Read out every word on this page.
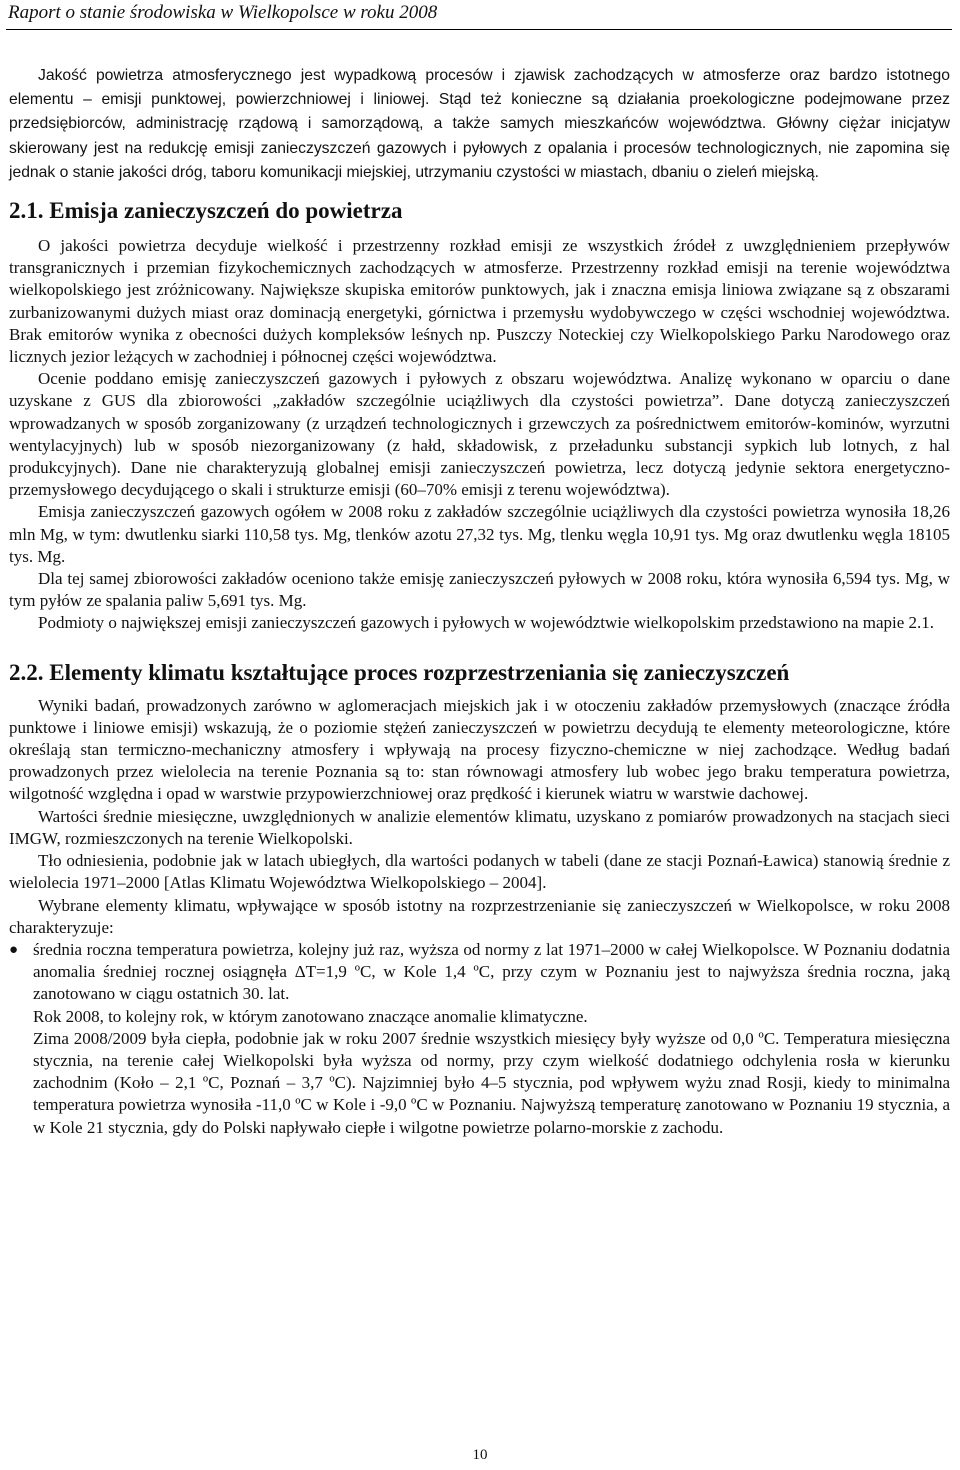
Raport o stanie środowiska w Wielkopolsce w roku 2008

Jakość powietrza atmosferycznego jest wypadkową procesów i zjawisk zachodzących w atmosferze oraz bardzo istotnego elementu – emisji punktowej, powierzchniowej i liniowej. Stąd też konieczne są działania proekologiczne podejmowane przez przedsiębiorców, administrację rządową i samorządową, a także samych mieszkańców województwa. Główny ciężar inicjatyw skierowany jest na redukcję emisji zanieczyszczeń gazowych i pyłowych z opalania i procesów technologicznych, nie zapomina się jednak o stanie jakości dróg, taboru komunikacji miejskiej, utrzymaniu czystości w miastach, dbaniu o zieleń miejską.

2.1. Emisja zanieczyszczeń do powietrza

O jakości powietrza decyduje wielkość i przestrzenny rozkład emisji ze wszystkich źródeł z uwzględnieniem przepływów transgranicznych i przemian fizykochemicznych zachodzących w atmosferze. Przestrzenny rozkład emisji na terenie województwa wielkopolskiego jest zróżnicowany. Największe skupiska emitorów punktowych, jak i znaczna emisja liniowa związane są z obszarami zurbanizowanymi dużych miast oraz dominacją energetyki, górnictwa i przemysłu wydobywczego w części wschodniej województwa. Brak emitorów wynika z obecności dużych kompleksów leśnych np. Puszczy Noteckiej czy Wielkopolskiego Parku Narodowego oraz licznych jezior leżących w zachodniej i północnej części województwa.

Ocenie poddano emisję zanieczyszczeń gazowych i pyłowych z obszaru województwa. Analizę wykonano w oparciu o dane uzyskane z GUS dla zbiorowości „zakładów szczególnie uciążliwych dla czystości powietrza”. Dane dotyczą zanieczyszczeń wprowadzanych w sposób zorganizowany (z urządzeń technologicznych i grzewczych za pośrednictwem emitorów-kominów, wyrzutni wentylacyjnych) lub w sposób niezorganizowany (z hałd, składowisk, z przeładunku substancji sypkich lub lotnych, z hal produkcyjnych). Dane nie charakteryzują globalnej emisji zanieczyszczeń powietrza, lecz dotyczą jedynie sektora energetyczno-przemysłowego decydującego o skali i strukturze emisji (60–70% emisji z terenu województwa).

Emisja zanieczyszczeń gazowych ogółem w 2008 roku z zakładów szczególnie uciążliwych dla czystości powietrza wynosiła 18,26 mln Mg, w tym: dwutlenku siarki 110,58 tys. Mg, tlenków azotu 27,32 tys. Mg, tlenku węgla 10,91 tys. Mg oraz dwutlenku węgla 18105 tys. Mg.

Dla tej samej zbiorowości zakładów oceniono także emisję zanieczyszczeń pyłowych w 2008 roku, która wynosiła 6,594 tys. Mg, w tym pyłów ze spalania paliw 5,691 tys. Mg.

Podmioty o największej emisji zanieczyszczeń gazowych i pyłowych w województwie wielkopolskim przedstawiono na mapie 2.1.

2.2. Elementy klimatu kształtujące proces rozprzestrzeniania się zanieczyszczeń

Wyniki badań, prowadzonych zarówno w aglomeracjach miejskich jak i w otoczeniu zakładów przemysłowych (znaczące źródła punktowe i liniowe emisji) wskazują, że o poziomie stężeń zanieczyszczeń w powietrzu decydują te elementy meteorologiczne, które określają stan termiczno-mechaniczny atmosfery i wpływają na procesy fizyczno-chemiczne w niej zachodzące. Według badań prowadzonych przez wielolecia na terenie Poznania są to: stan równowagi atmosfery lub wobec jego braku temperatura powietrza, wilgotność względna i opad w warstwie przypowierzchniowej oraz prędkość i kierunek wiatru w warstwie dachowej.

Wartości średnie miesięczne, uwzględnionych w analizie elementów klimatu, uzyskano z pomiarów prowadzonych na stacjach sieci IMGW, rozmieszczonych na terenie Wielkopolski.

Tło odniesienia, podobnie jak w latach ubiegłych, dla wartości podanych w tabeli (dane ze stacji Poznań-Ławica) stanowią średnie z wielolecia 1971–2000 [Atlas Klimatu Województwa Wielkopolskiego – 2004].

Wybrane elementy klimatu, wpływające w sposób istotny na rozprzestrzenianie się zanieczyszczeń w Wielkopolsce, w roku 2008 charakteryzuje:

● średnia roczna temperatura powietrza, kolejny już raz, wyższa od normy z lat 1971–2000 w całej Wielkopolsce. W Poznaniu dodatnia anomalia średniej rocznej osiągnęła ΔT=1,9 ºC, w Kole 1,4 ºC, przy czym w Poznaniu jest to najwyższa średnia roczna, jaką zanotowano w ciągu ostatnich 30. lat.

Rok 2008, to kolejny rok, w którym zanotowano znaczące anomalie klimatyczne.

Zima 2008/2009 była ciepła, podobnie jak w roku 2007 średnie wszystkich miesięcy były wyższe od 0,0 ºC. Temperatura miesięczna stycznia, na terenie całej Wielkopolski była wyższa od normy, przy czym wielkość dodatniego odchylenia rosła w kierunku zachodnim (Koło – 2,1 ºC, Poznań – 3,7 ºC). Najzimniej było 4–5 stycznia, pod wpływem wyżu znad Rosji, kiedy to minimalna temperatura powietrza wynosiła -11,0 ºC w Kole i -9,0 ºC w Poznaniu. Najwyższą temperaturę zanotowano w Poznaniu 19 stycznia, a w Kole 21 stycznia, gdy do Polski napływało ciepłe i wilgotne powietrze polarno-morskie z zachodu.

10
